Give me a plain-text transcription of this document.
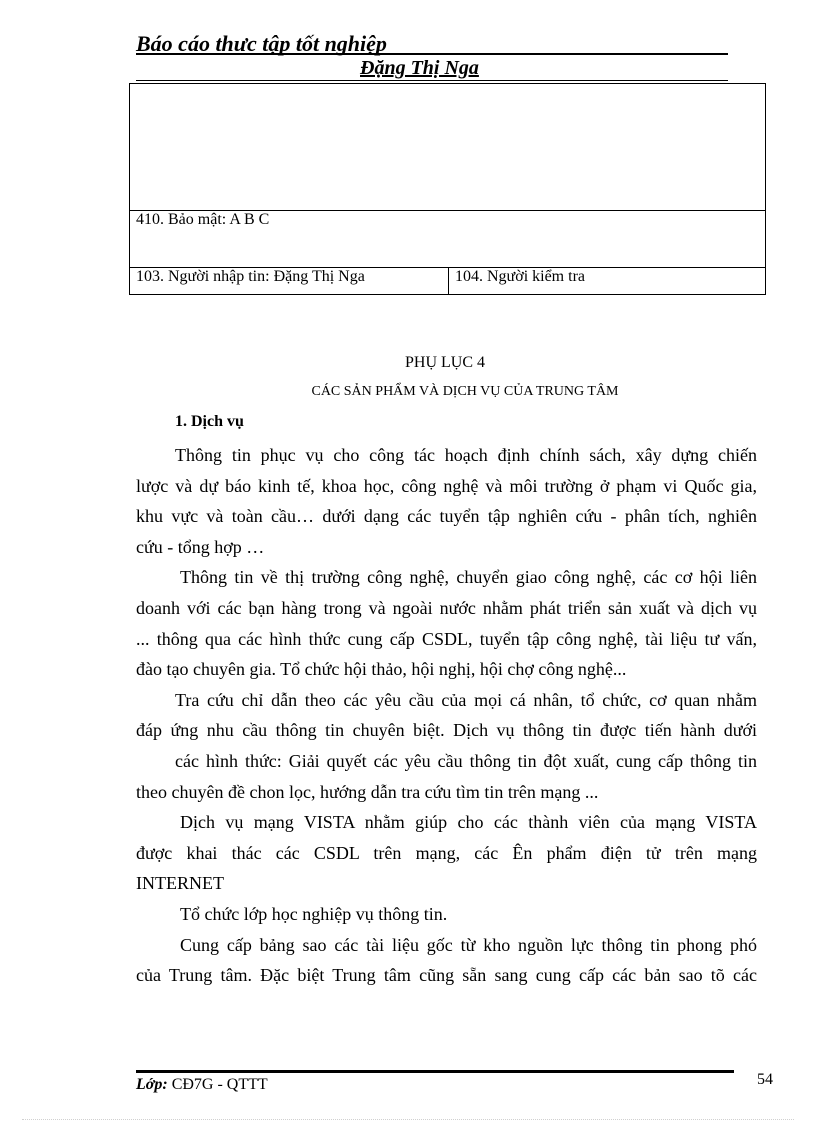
Báo cáo thưc tập tốt nghiệp
Đặng Thị Nga

410. Bảo mật: A B C
103. Người nhập tin: Đặng Thị Nga	104. Người kiểm tra
PHỤ LỤC 4
CÁC SẢN PHẨM VÀ DỊCH VỤ CỦA TRUNG TÂM
1. Dịch vụ

Thông tin phục vụ cho công tác hoạch định chính sách, xây dựng chiến

lược và dự báo kinh tế, khoa học, công nghệ và môi trường ở phạm vi Quốc gia,

khu vực và toàn cầu… dưới dạng các tuyển tập nghiên cứu - phân tích, nghiên

cứu - tổng hợp …

Thông tin về thị trường công nghệ, chuyển giao công nghệ, các cơ hội liên

doanh với các bạn hàng trong và ngoài nước nhằm phát triển sản xuất và dịch vụ

... thông qua các hình thức cung cấp CSDL, tuyển tập công nghệ, tài liệu tư vấn,

đào tạo chuyên gia. Tổ chức hội thảo, hội nghị, hội chợ công nghệ...

Tra cứu chỉ dẫn theo các yêu cầu của mọi cá nhân, tổ chức, cơ quan nhằm

đáp ứng nhu cầu thông tin chuyên biệt. Dịch vụ thông tin được tiến hành dưới

các hình thức: Giải quyết các yêu cầu thông tin đột xuất, cung cấp thông tin

theo chuyên đề chon lọc, hướng dẫn tra cứu tìm tin trên mạng ...

Dịch vụ mạng VISTA nhằm giúp cho các thành viên của mạng VISTA

được khai thác các CSDL trên mạng, các Ên phẩm điện tử trên mạng

INTERNET

Tổ chức lớp học nghiệp vụ thông tin.

Cung cấp bảng sao các tài liệu gốc từ kho nguồn lực thông tin phong phó

của Trung tâm. Đặc biệt Trung tâm cũng sẵn sang cung cấp các bản sao tõ các

Lớp: CĐ7G - QTTT	54
